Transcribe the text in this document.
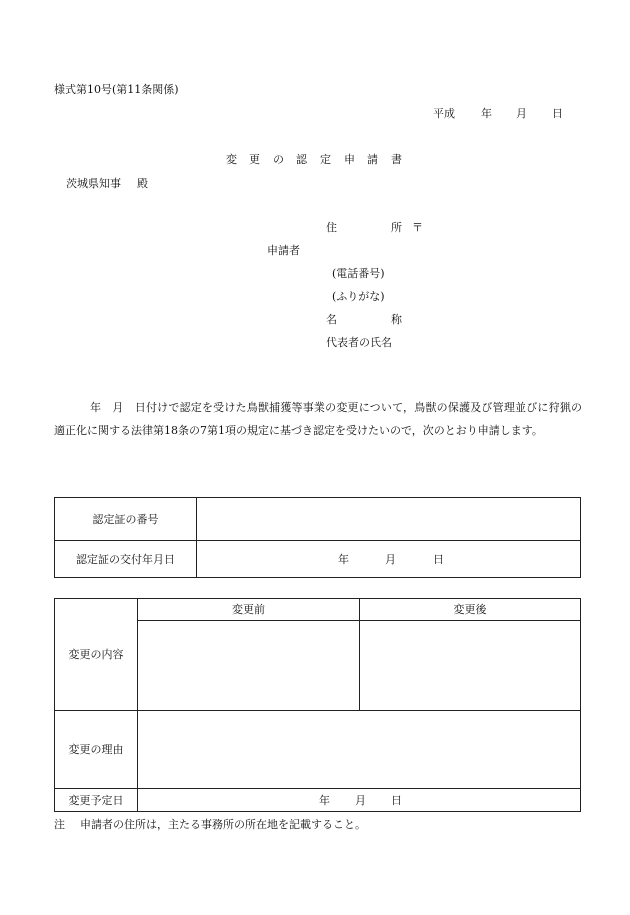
様式第10号(第11条関係)
平成 年 月 日
変 更 の 認 定 申 請 書
茨城県知事 殿
住	所 〒
申請者
(電話番号)
(ふりがな)
名	称
代表者の氏名
年　月　日付けで認定を受けた鳥獣捕獲等事業の変更について，鳥獣の保護及び管理並びに狩猟の適正化に関する法律第18条の7第1項の規定に基づき認定を受けたいので，次のとおり申請します。
認定証の番号	
認定証の交付年月日	年 月 日
変更の内容	変更前	変更後

変更の理由		
変更予定日	年 月 日	
注 申請者の住所は，主たる事務所の所在地を記載すること。
